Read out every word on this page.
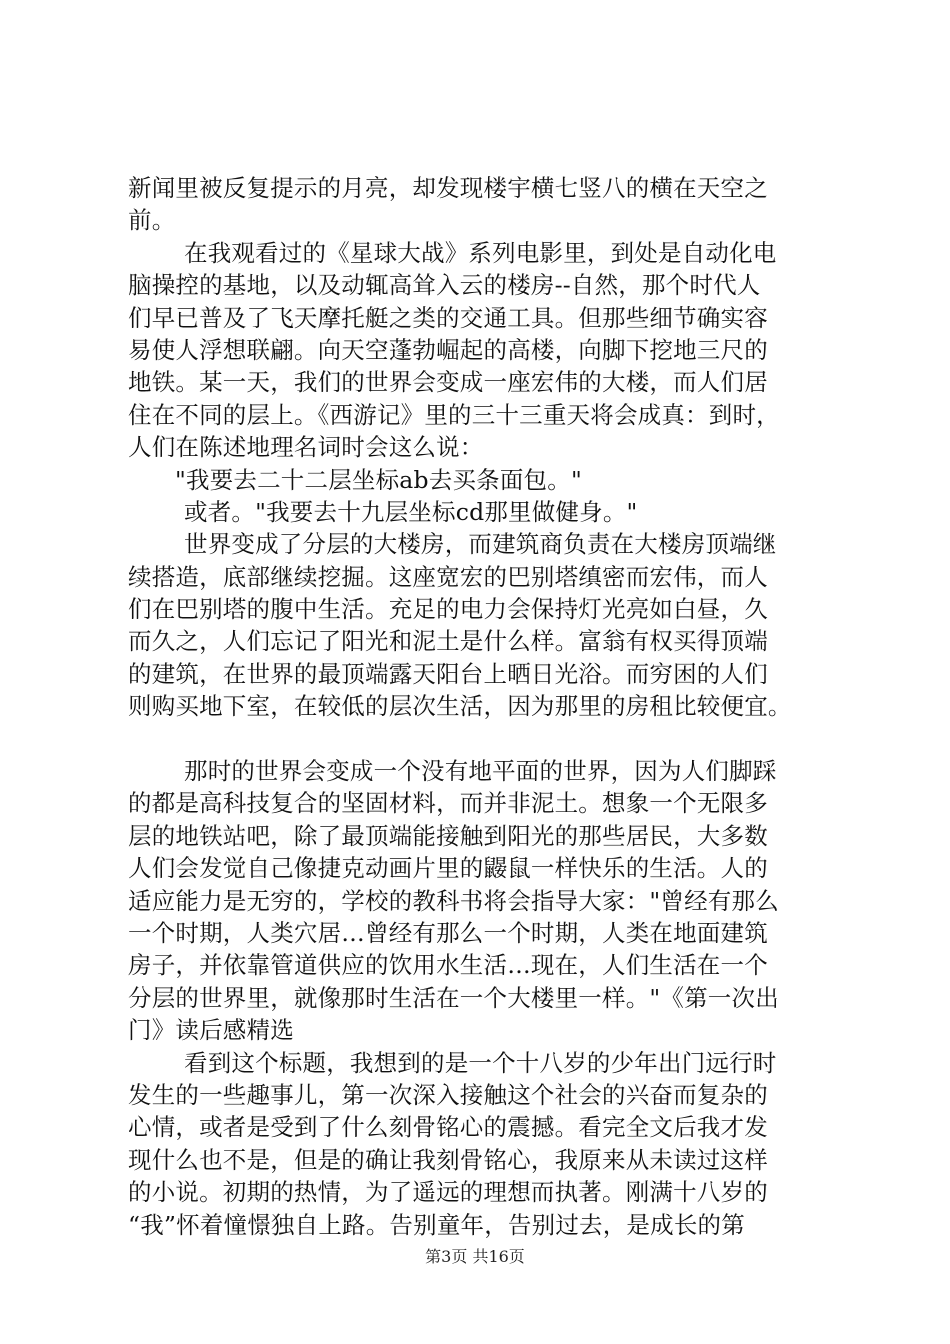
新闻里被反复提示的月亮，却发现楼宇横七竖八的横在天空之
前。
在我观看过的《星球大战》系列电影里，到处是自动化电
脑操控的基地，以及动辄高耸入云的楼房--自然，那个时代人
们早已普及了飞天摩托艇之类的交通工具。但那些细节确实容
易使人浮想联翩。向天空蓬勃崛起的高楼，向脚下挖地三尺的
地铁。某一天，我们的世界会变成一座宏伟的大楼，而人们居
住在不同的层上。《西游记》里的三十三重天将会成真：到时，
人们在陈述地理名词时会这么说：
"我要去二十二层坐标ab去买条面包。"
或者。"我要去十九层坐标cd那里做健身。"
世界变成了分层的大楼房，而建筑商负责在大楼房顶端继
续搭造，底部继续挖掘。这座宽宏的巴别塔缜密而宏伟，而人
们在巴别塔的腹中生活。充足的电力会保持灯光亮如白昼，久
而久之，人们忘记了阳光和泥土是什么样。富翁有权买得顶端
的建筑，在世界的最顶端露天阳台上晒日光浴。而穷困的人们
则购买地下室，在较低的层次生活，因为那里的房租比较便宜。
那时的世界会变成一个没有地平面的世界，因为人们脚踩
的都是高科技复合的坚固材料，而并非泥土。想象一个无限多
层的地铁站吧，除了最顶端能接触到阳光的那些居民，大多数
人们会发觉自己像捷克动画片里的鼹鼠一样快乐的生活。人的
适应能力是无穷的，学校的教科书将会指导大家："曾经有那么
一个时期，人类穴居…曾经有那么一个时期，人类在地面建筑
房子，并依靠管道供应的饮用水生活…现在，人们生活在一个
分层的世界里，就像那时生活在一个大楼里一样。"《第一次出
门》读后感精选
看到这个标题，我想到的是一个十八岁的少年出门远行时
发生的一些趣事儿，第一次深入接触这个社会的兴奋而复杂的
心情，或者是受到了什么刻骨铭心的震撼。看完全文后我才发
现什么也不是，但是的确让我刻骨铭心，我原来从未读过这样
的小说。初期的热情，为了遥远的理想而执著。刚满十八岁的
“我”怀着憧憬独自上路。告别童年，告别过去，是成长的第
第3页 共16页
